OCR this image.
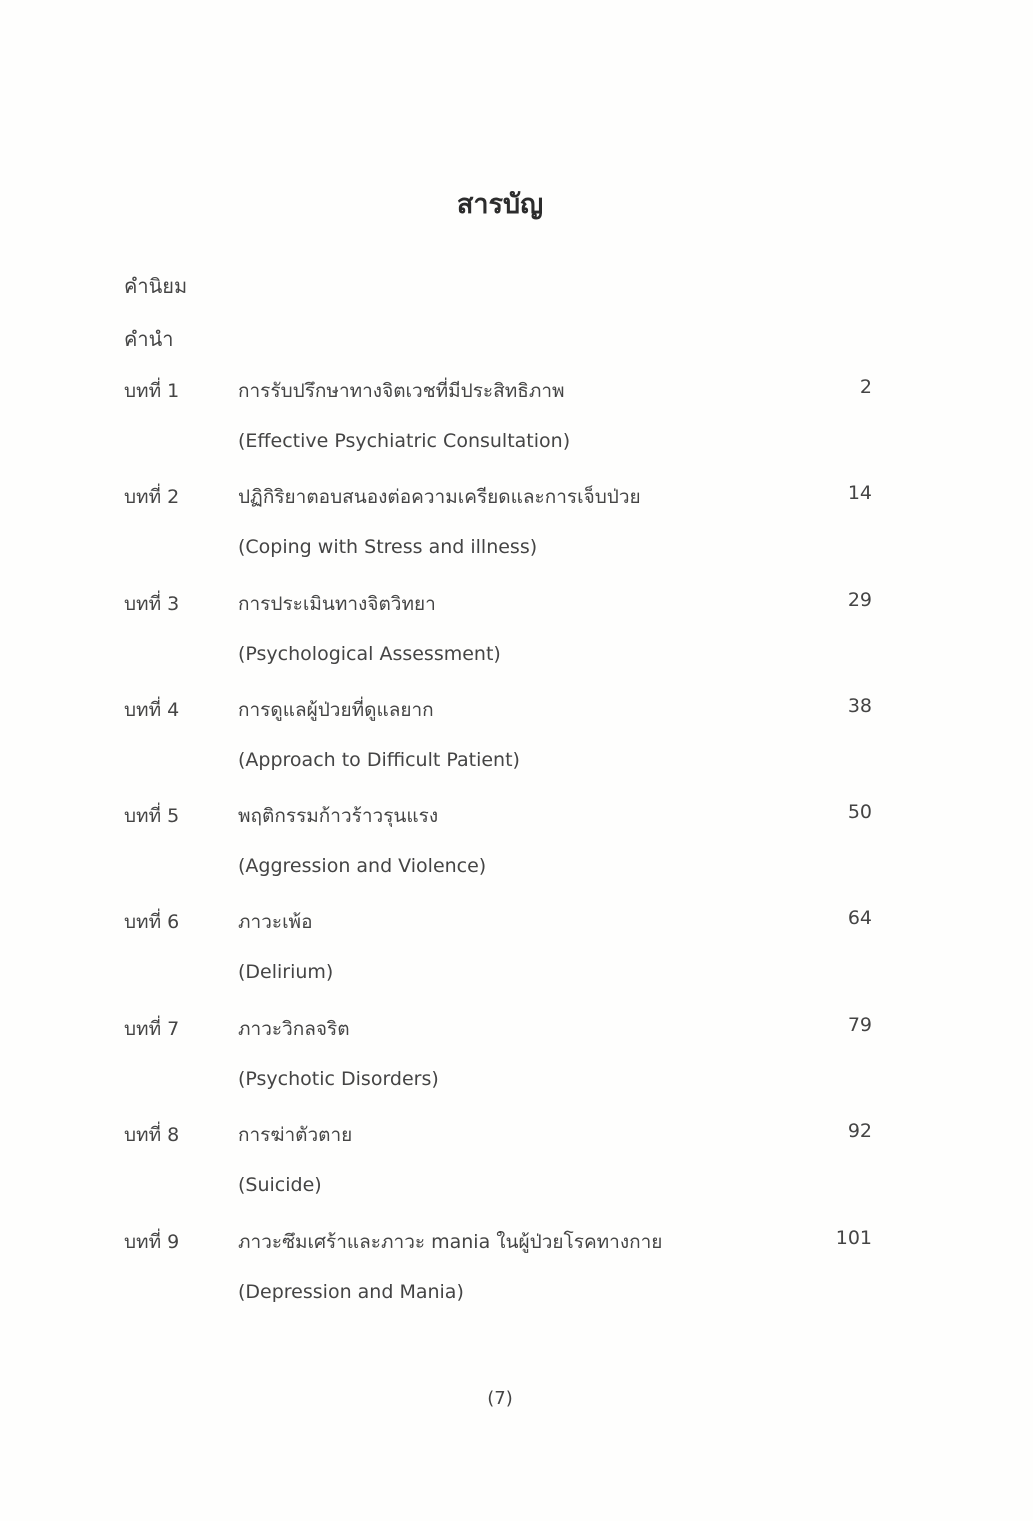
สารบัญ
คำนิยม
คำนำ
บทที่ 1	การรับปรึกษาทางจิตเวชที่มีประสิทธิภาพ	2
(Effective Psychiatric Consultation)
บทที่ 2	ปฏิกิริยาตอบสนองต่อความเครียดและการเจ็บป่วย	14
(Coping with Stress and illness)
บทที่ 3	การประเมินทางจิตวิทยา	29
(Psychological Assessment)
บทที่ 4	การดูแลผู้ป่วยที่ดูแลยาก	38
(Approach to Difficult Patient)
บทที่ 5	พฤติกรรมก้าวร้าวรุนแรง	50
(Aggression and Violence)
บทที่ 6	ภาวะเพ้อ	64
(Delirium)
บทที่ 7	ภาวะวิกลจริต	79
(Psychotic Disorders)
บทที่ 8	การฆ่าตัวตาย	92
(Suicide)
บทที่ 9	ภาวะซึมเศร้าและภาวะ mania ในผู้ป่วยโรคทางกาย	101
(Depression and Mania)
(7)
